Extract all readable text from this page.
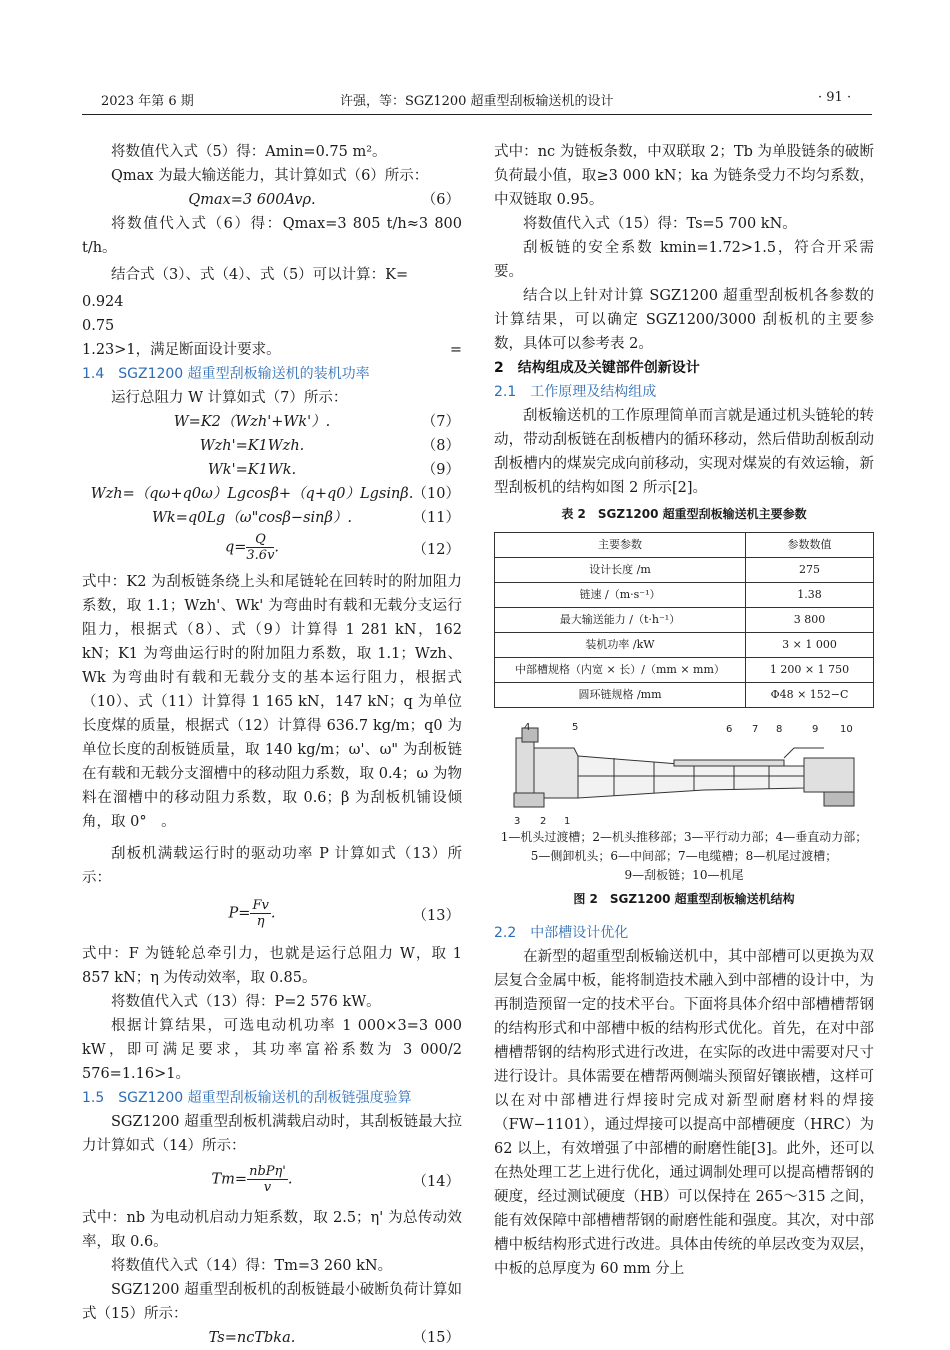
2023 年第 6 期	许强，等：SGZ1200 超重型刮板输送机的设计	· 91 ·

将数值代入式（5）得：Amin=0.75 m²。

Qmax 为最大输送能力，其计算如式（6）所示：

Qmax=3 600Avρ.	（6）

将数值代入式（6）得：Qmax=3 805 t/h≈3 800 t/h。

结合式（3）、式（4）、式（5）可以计算：K=

0.924
0.75
=

1.23>1，满足断面设计要求。

1.4　SGZ1200 超重型刮板输送机的装机功率

运行总阻力 W 计算如式（7）所示：

W=K2（Wzh'+Wk'）.	（7）
Wzh'=K1Wzh.	（8）
Wk'=K1Wk.	（9）
Wzh=（qω+q0ω）Lgcosβ+（q+q0）Lgsinβ. （10）
Wk=q0Lg（ω"cosβ−sinβ）.	（11）
$q= \frac{Q}{3.6v}$ .	（12）

式中：K2 为刮板链条绕上头和尾链轮在回转时的附加阻力系数，取 1.1；Wzh'、Wk' 为弯曲时有载和无载分支运行阻力，根据式（8）、式（9）计算得 1 281 kN，162 kN；K1 为弯曲运行时的附加阻力系数，取 1.1；Wzh、Wk 为弯曲时有载和无载分支的基本运行阻力，根据式（10）、式（11）计算得 1 165 kN，147 kN；q 为单位长度煤的质量，根据式（12）计算得 636.7 kg/m；q0 为单位长度的刮板链质量，取 140 kg/m；ω'、ω" 为刮板链在有载和无载分支溜槽中的移动阻力系数，取 0.4；ω 为物料在溜槽中的移动阻力系数，取 0.6；β 为刮板机铺设倾角，取 0°　。

刮板机满载运行时的驱动功率 P 计算如式（13）所示：

$P= \frac{Fv}{\eta}$ .	（13）

式中：F 为链轮总牵引力，也就是运行总阻力 W，取 1 857 kN；η 为传动效率，取 0.85。

将数值代入式（13）得：P=2 576 kW。

根据计算结果，可选电动机功率 1 000×3=3 000 kW，即可满足要求，其功率富裕系数为 3 000/2 576=1.16>1。

1.5　SGZ1200 超重型刮板输送机的刮板链强度验算

SGZ1200 超重型刮板机满载启动时，其刮板链最大拉力计算如式（14）所示：

$Tm= \frac{\text{nbPη'}}{v}$ .	（14）

式中：nb 为电动机启动力矩系数，取 2.5；η' 为总传动效率，取 0.6。

将数值代入式（14）得：Tm=3 260 kN。

SGZ1200 超重型刮板机的刮板链最小破断负荷计算如式（15）所示：

Ts=ncTbka.	（15）

式中：nc 为链板条数，中双联取 2；Tb 为单股链条的破断负荷最小值，取≥3 000 kN；ka 为链条受力不均匀系数，中双链取 0.95。

将数值代入式（15）得：Ts=5 700 kN。

刮板链的安全系数 kmin=1.72>1.5，符合开采需要。

结合以上针对计算 SGZ1200 超重型刮板机各参数的计算结果，可以确定 SGZ1200/3000 刮板机的主要参数，具体可以参考表 2。

2　结构组成及关键部件创新设计

2.1　工作原理及结构组成

刮板输送机的工作原理简单而言就是通过机头链轮的转动，带动刮板链在刮板槽内的循环移动，然后借助刮板刮动刮板槽内的煤炭完成向前移动，实现对煤炭的有效运输，新型刮板机的结构如图 2 所示[2]。

表 2　SGZ1200 超重型刮板输送机主要参数
主要参数	参数数值
设计长度 /m	275
链速 /（m·s⁻¹）	1.38
最大输送能力 /（t·h⁻¹）	3 800
装机功率 /kW	3 × 1 000
中部槽规格（内宽 × 长）/（mm × mm）	1 200 × 1 750
圆环链规格 /mm	Φ48 × 152−C
4	5	6 7 8	9 10
3 2 1
1—机头过渡槽；2—机头推移部；3—平行动力部；4—垂直动力部；
5—侧卸机头；6—中间部；7—电缆槽；8—机尾过渡槽；
9—刮板链；10—机尾
图 2　SGZ1200 超重型刮板输送机结构

2.2　中部槽设计优化

在新型的超重型刮板输送机中，其中部槽可以更换为双层复合金属中板，能将制造技术融入到中部槽的设计中，为再制造预留一定的技术平台。下面将具体介绍中部槽槽帮钢的结构形式和中部槽中板的结构形式优化。首先，在对中部槽槽帮钢的结构形式进行改进，在实际的改进中需要对尺寸进行设计。具体需要在槽帮两侧端头预留好镶嵌槽，这样可以在对中部槽进行焊接时完成对新型耐磨材料的焊接（FW−1101），通过焊接可以提高中部槽硬度（HRC）为 62 以上，有效增强了中部槽的耐磨性能[3]。此外，还可以在热处理工艺上进行优化，通过调制处理可以提高槽帮钢的硬度，经过测试硬度（HB）可以保持在 265～315 之间，能有效保障中部槽槽帮钢的耐磨性能和强度。其次，对中部槽中板结构形式进行改进。具体由传统的单层改变为双层，中板的总厚度为 60 mm 分上
